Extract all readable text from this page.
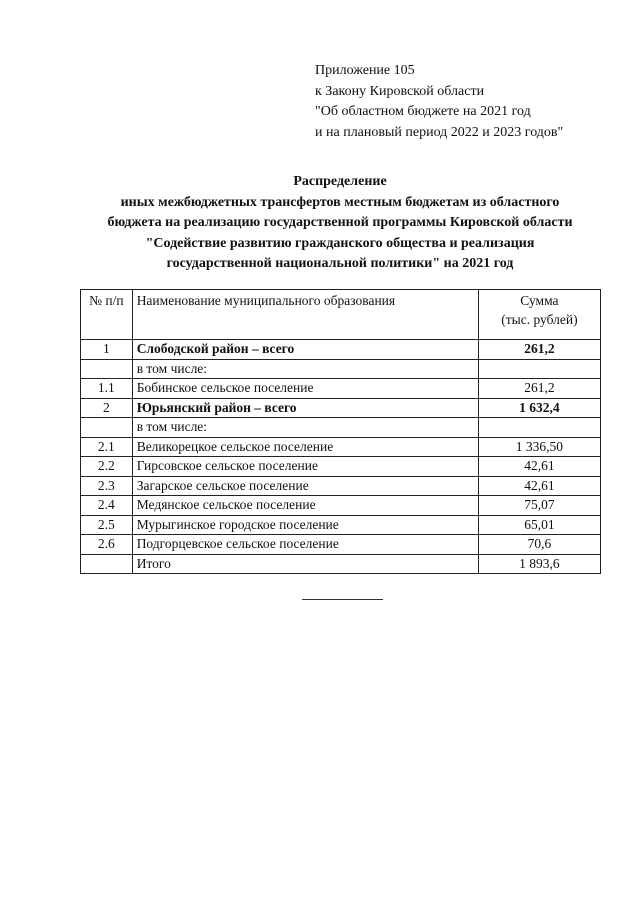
Приложение 105
к Закону Кировской области
"Об областном бюджете на 2021 год
и на плановый период 2022 и 2023 годов"
Распределение
иных межбюджетных трансфертов местным бюджетам из областного
бюджета на реализацию государственной программы Кировской области
"Содействие развитию гражданского общества и реализация
государственной национальной политики" на 2021 год
№ п/п	Наименование муниципального образования	Сумма
(тыс. рублей)

1	Слободской район – всего	261,2
	в том числе:	
1.1	Бобинское сельское поселение	261,2
2	Юрьянский район – всего	1 632,4
	в том числе:	
2.1	Великорецкое сельское поселение	1 336,50
2.2	Гирсовское сельское поселение	42,61
2.3	Загарское сельское поселение	42,61
2.4	Медянское сельское поселение	75,07
2.5	Мурыгинское городское поселение	65,01
2.6	Подгорцевское сельское поселение	70,6
	Итого	1 893,6
